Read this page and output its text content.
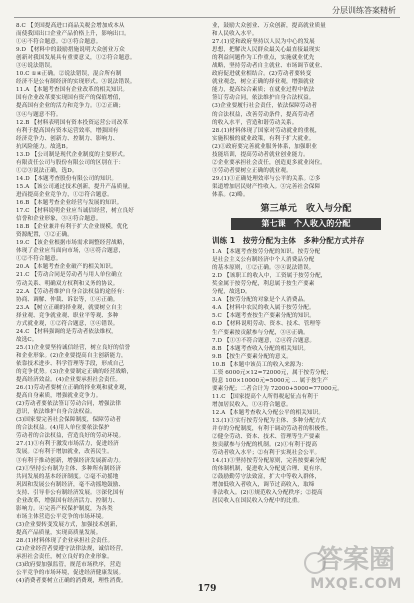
分层训练答案精析
8.C 【美国提高进口商品关税会增加成本从
而使我国出口企业产品价格上升，影响出口。
①④不符合题意。②③符合题意。
9.D 【材料中的鼓励措施说明大众创业万众
创新对我国发展具有重要意义，①②符合题意。
③④说法错误。
10.C ①④正确。②说法错误，混合所有制
经济不是公有制经济的实现形式。③说法错误。
11.A 【本题考查国有企业改革的相关知识。
国有企业改革要实现国有资产的保值增值，
提高国有企业的活力和竞争力。①②正确；
③④与题意不符。
12.B 【材料表明国有资本投资运营公司改革
有利于提高国有资本运营效率，增强国有
经济竞争力、创新力、控制力、影响力、
抗风险能力。故选B。
13.D 【公司制是现代企业制度的主要形式。
有限责任公司与股份有限公司的区别在于：
①②③说法正确，选D。
14.D 【本题考查股份有限公司的知识。
15.A 【该公司通过技术创新，提升产品质量，
进而提高企业竞争力，①②符合题意。
16.B 【本题考查企业经营与发展的知识。
17.C 【材料说明企业应当诚信经营，树立良好
信誉和企业形象，③④符合题意。
18.B 【企业兼并有利于扩大企业规模，优化
资源配置，①②正确。
19.C 【该企业根据市场需求调整经营战略，
体现了企业应当面向市场，③④符合题意，
①②不符合题意。
20.A 【本题考查企业破产的相关知识。
21.C 【劳动合同是劳动者与用人单位确立
劳动关系、明确双方权利和义务的协议。
22.A 【劳动者维护自身合法权益的途径有：
协商、调解、仲裁、诉讼等，①④正确。
23.A 【树立正确的择业观，就要树立自主
择业观、竞争就业观、职业平等观、多种
方式就业观，①②符合题意，③④错误。
24.C 【材料强调的是劳动者依法维权，
故选C。
25.(1)企业要坚持诚信经营，树立良好的信誉
和企业形象。(2)企业要提高自主创新能力，
依靠技术进步、科学管理等手段，形成自己
的竞争优势。(3)企业要制定正确的经营战略，
提高经济效益。(4)企业要承担社会责任。
26.(1)劳动者要树立正确的择业观和就业观，
提高自身素质，增强就业竞争力。
(2)劳动者要依法签订劳动合同，增强法律
意识，依法维护自身合法权益。
(3)国家要完善社会保障制度，保障劳动者
的合法权益。(4)用人单位要依法保护
劳动者的合法权益，营造良好的劳动环境。
27.(1)①有利于激发市场活力，促进经济
发展。②有利于增加就业，改善民生。
③有利于推动创新，增强经济发展新动力。
(2)①坚持公有制为主体、多种所有制经济
共同发展的基本经济制度。②毫不动摇地
巩固和发展公有制经济，毫不动摇地鼓励、
支持、引导非公有制经济发展。③深化国有
企业改革，增强国有经济活力、控制力、
影响力。④完善产权保护制度，为各类
市场主体营造公平竞争的市场环境。
(3)企业要转变发展方式，加强技术创新，
提高产品质量，实现高质量发展。
28.(1)材料体现了企业承担社会责任。
(2)企业经营者要遵守法律法规，诚信经营，
承担社会责任，树立良好的企业形象。
(3)政府要加强监管，规范市场秩序，营造
公平竞争的市场环境，促进经济健康发展。
(4)消费者要树立正确的消费观，理性消费。
业，鼓励大众创业、万众创新，提高就业质量
和人民收入水平。
27.(1)党和政府坚持以人民为中心的发展
思想，把解决人民群众最关心最直接最现实
的利益问题作为工作重点，实施就业优先
战略，坚持劳动者自主就业、市场调节就业、
政府促进就业相结合。(2)劳动者要转变
就业观念，树立正确的择业观，增强就业
能力，提高综合素质；在就业过程中依法
签订劳动合同，依法维护自身合法权益。
(3)企业要履行社会责任，依法保障劳动者
的合法权益，改善劳动条件，提高劳动者
的收入水平，营造和谐劳动关系。
28.(1)材料体现了国家对劳动就业的重视，
实施积极的就业政策，有利于扩大就业。
(2)①政府要完善就业服务体系，加强职业
技能培训，提高劳动者就业创业能力。
②企业要承担社会责任，创造更多就业岗位。
③劳动者要树立正确的就业观。
29.(1)①正确处理效率与公平的关系。②多
渠道增加居民财产性收入。③完善社会保障
体系。(2)略。
第三单元　收入与分配
第七课　个人收入的分配
训练 1　按劳分配为主体　多种分配方式并存
1.A 【本题考查按劳分配的知识。按劳分配
是社会主义公有制经济中个人消费品分配
的基本原则，①②正确。③④说法错误。
2.D 【该职工的收入中，工资属于按劳分配，
奖金属于按劳分配，利息属于按生产要素
分配，故选D。
3.A 【按劳分配的对象是个人消费品。
4.A 【材料中农民的收入属于按劳分配。
5.C 【本题考查按生产要素分配的知识。
6.D 【材料说明劳动、资本、技术、管理等
生产要素按贡献参与分配，③④正确。
7.D 【①③不符合题意，②④符合题意。
8.B 【本题考查收入分配的相关知识。
9.B 【按生产要素分配的意义。
10.B 【本题中该员工的收入来源为：
工资 6000元×12=72000元，属于按劳分配；
股息 100×10000元=5000元 … 属于按生产
要素分配；二者合计为 72000+5000=77000元。
11.C 【国家提高个人所得税起征点有利于
增加居民收入，①④符合题意。
12.A 【本题考查收入分配公平的相关知识。
13.(1)①实行按劳分配为主体、多种分配方式
并存的分配制度，有利于调动劳动者的积极性。
②健全劳动、资本、技术、管理等生产要素
按贡献参与分配的机制。(2)①有利于提高
劳动者收入水平；②有利于实现社会公平。
14.(1)①坚持按劳分配原则，完善按要素分配
的体制机制，促进收入分配更合理、更有序。
②鼓励勤劳守法致富，扩大中等收入群体，
增加低收入者收入，调节过高收入，取缔
非法收入。(2)①规范收入分配秩序；②提高
居民收入在国民收入分配中的比重。
179
答案圈
MXQE.COM
